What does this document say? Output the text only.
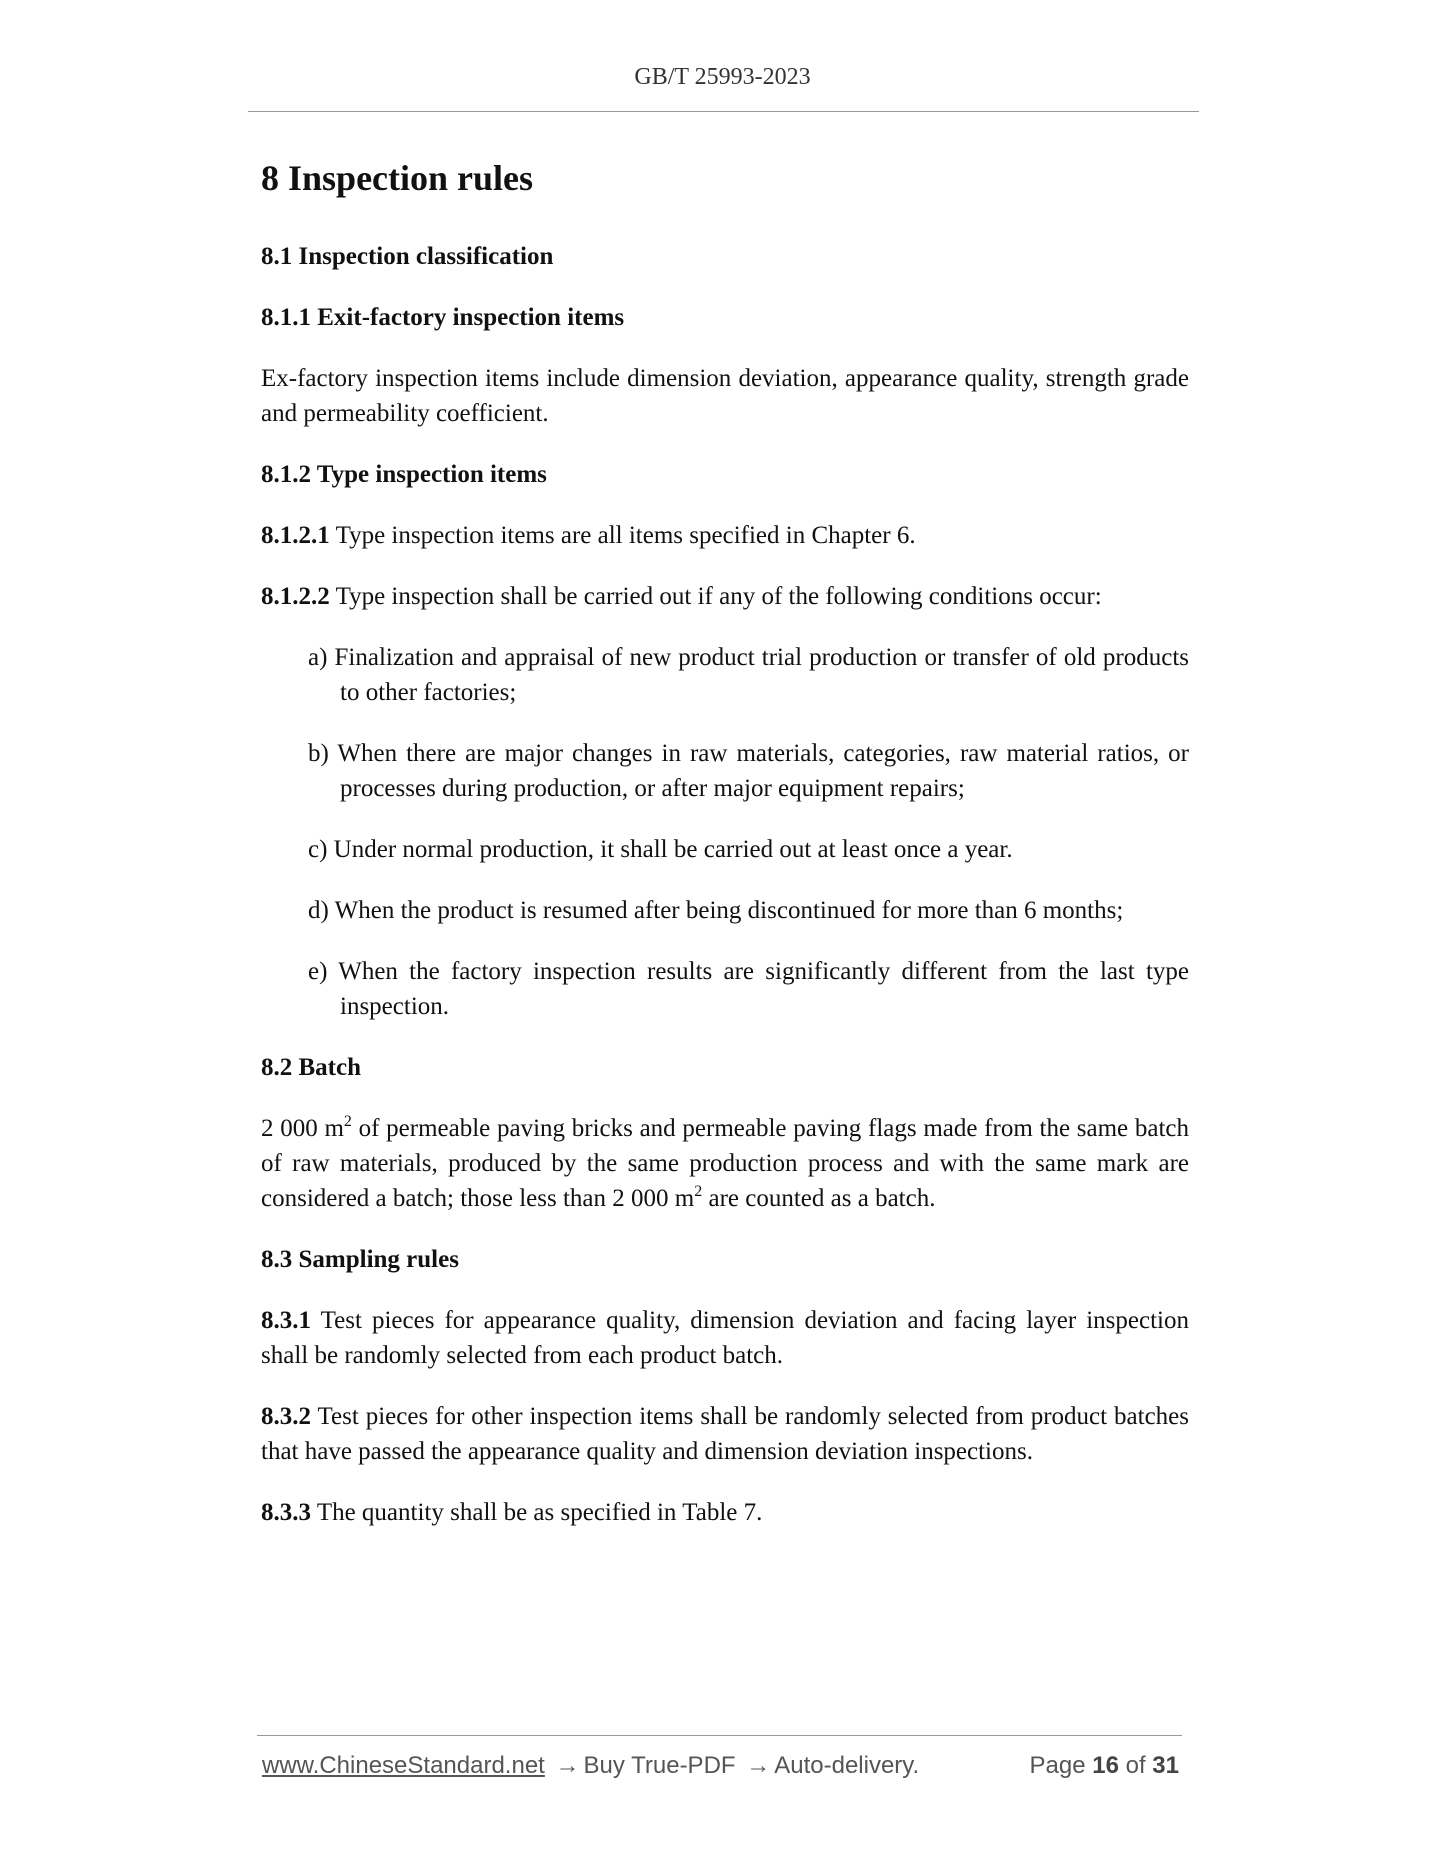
GB/T 25993-2023
8 Inspection rules
8.1 Inspection classification
8.1.1 Exit-factory inspection items

Ex-factory inspection items include dimension deviation, appearance quality, strength grade and permeability coefficient.

8.1.2 Type inspection items

8.1.2.1 Type inspection items are all items specified in Chapter 6.

8.1.2.2 Type inspection shall be carried out if any of the following conditions occur:

a) Finalization and appraisal of new product trial production or transfer of old products to other factories;
b) When there are major changes in raw materials, categories, raw material ratios, or processes during production, or after major equipment repairs;
c) Under normal production, it shall be carried out at least once a year.
d) When the product is resumed after being discontinued for more than 6 months;
e) When the factory inspection results are significantly different from the last type inspection.
8.2 Batch

2 000 $m^2$ of permeable paving bricks and permeable paving flags made from the same batch of raw materials, produced by the same production process and with the same mark are considered a batch; those less than 2 000 $m^2$ are counted as a batch.

8.3 Sampling rules

8.3.1 Test pieces for appearance quality, dimension deviation and facing layer inspection shall be randomly selected from each product batch.

8.3.2 Test pieces for other inspection items shall be randomly selected from product batches that have passed the appearance quality and dimension deviation inspections.

8.3.3 The quantity shall be as specified in Table 7.

www.ChineseStandard.net → Buy True-PDF → Auto-delivery.	Page 16 of 31
